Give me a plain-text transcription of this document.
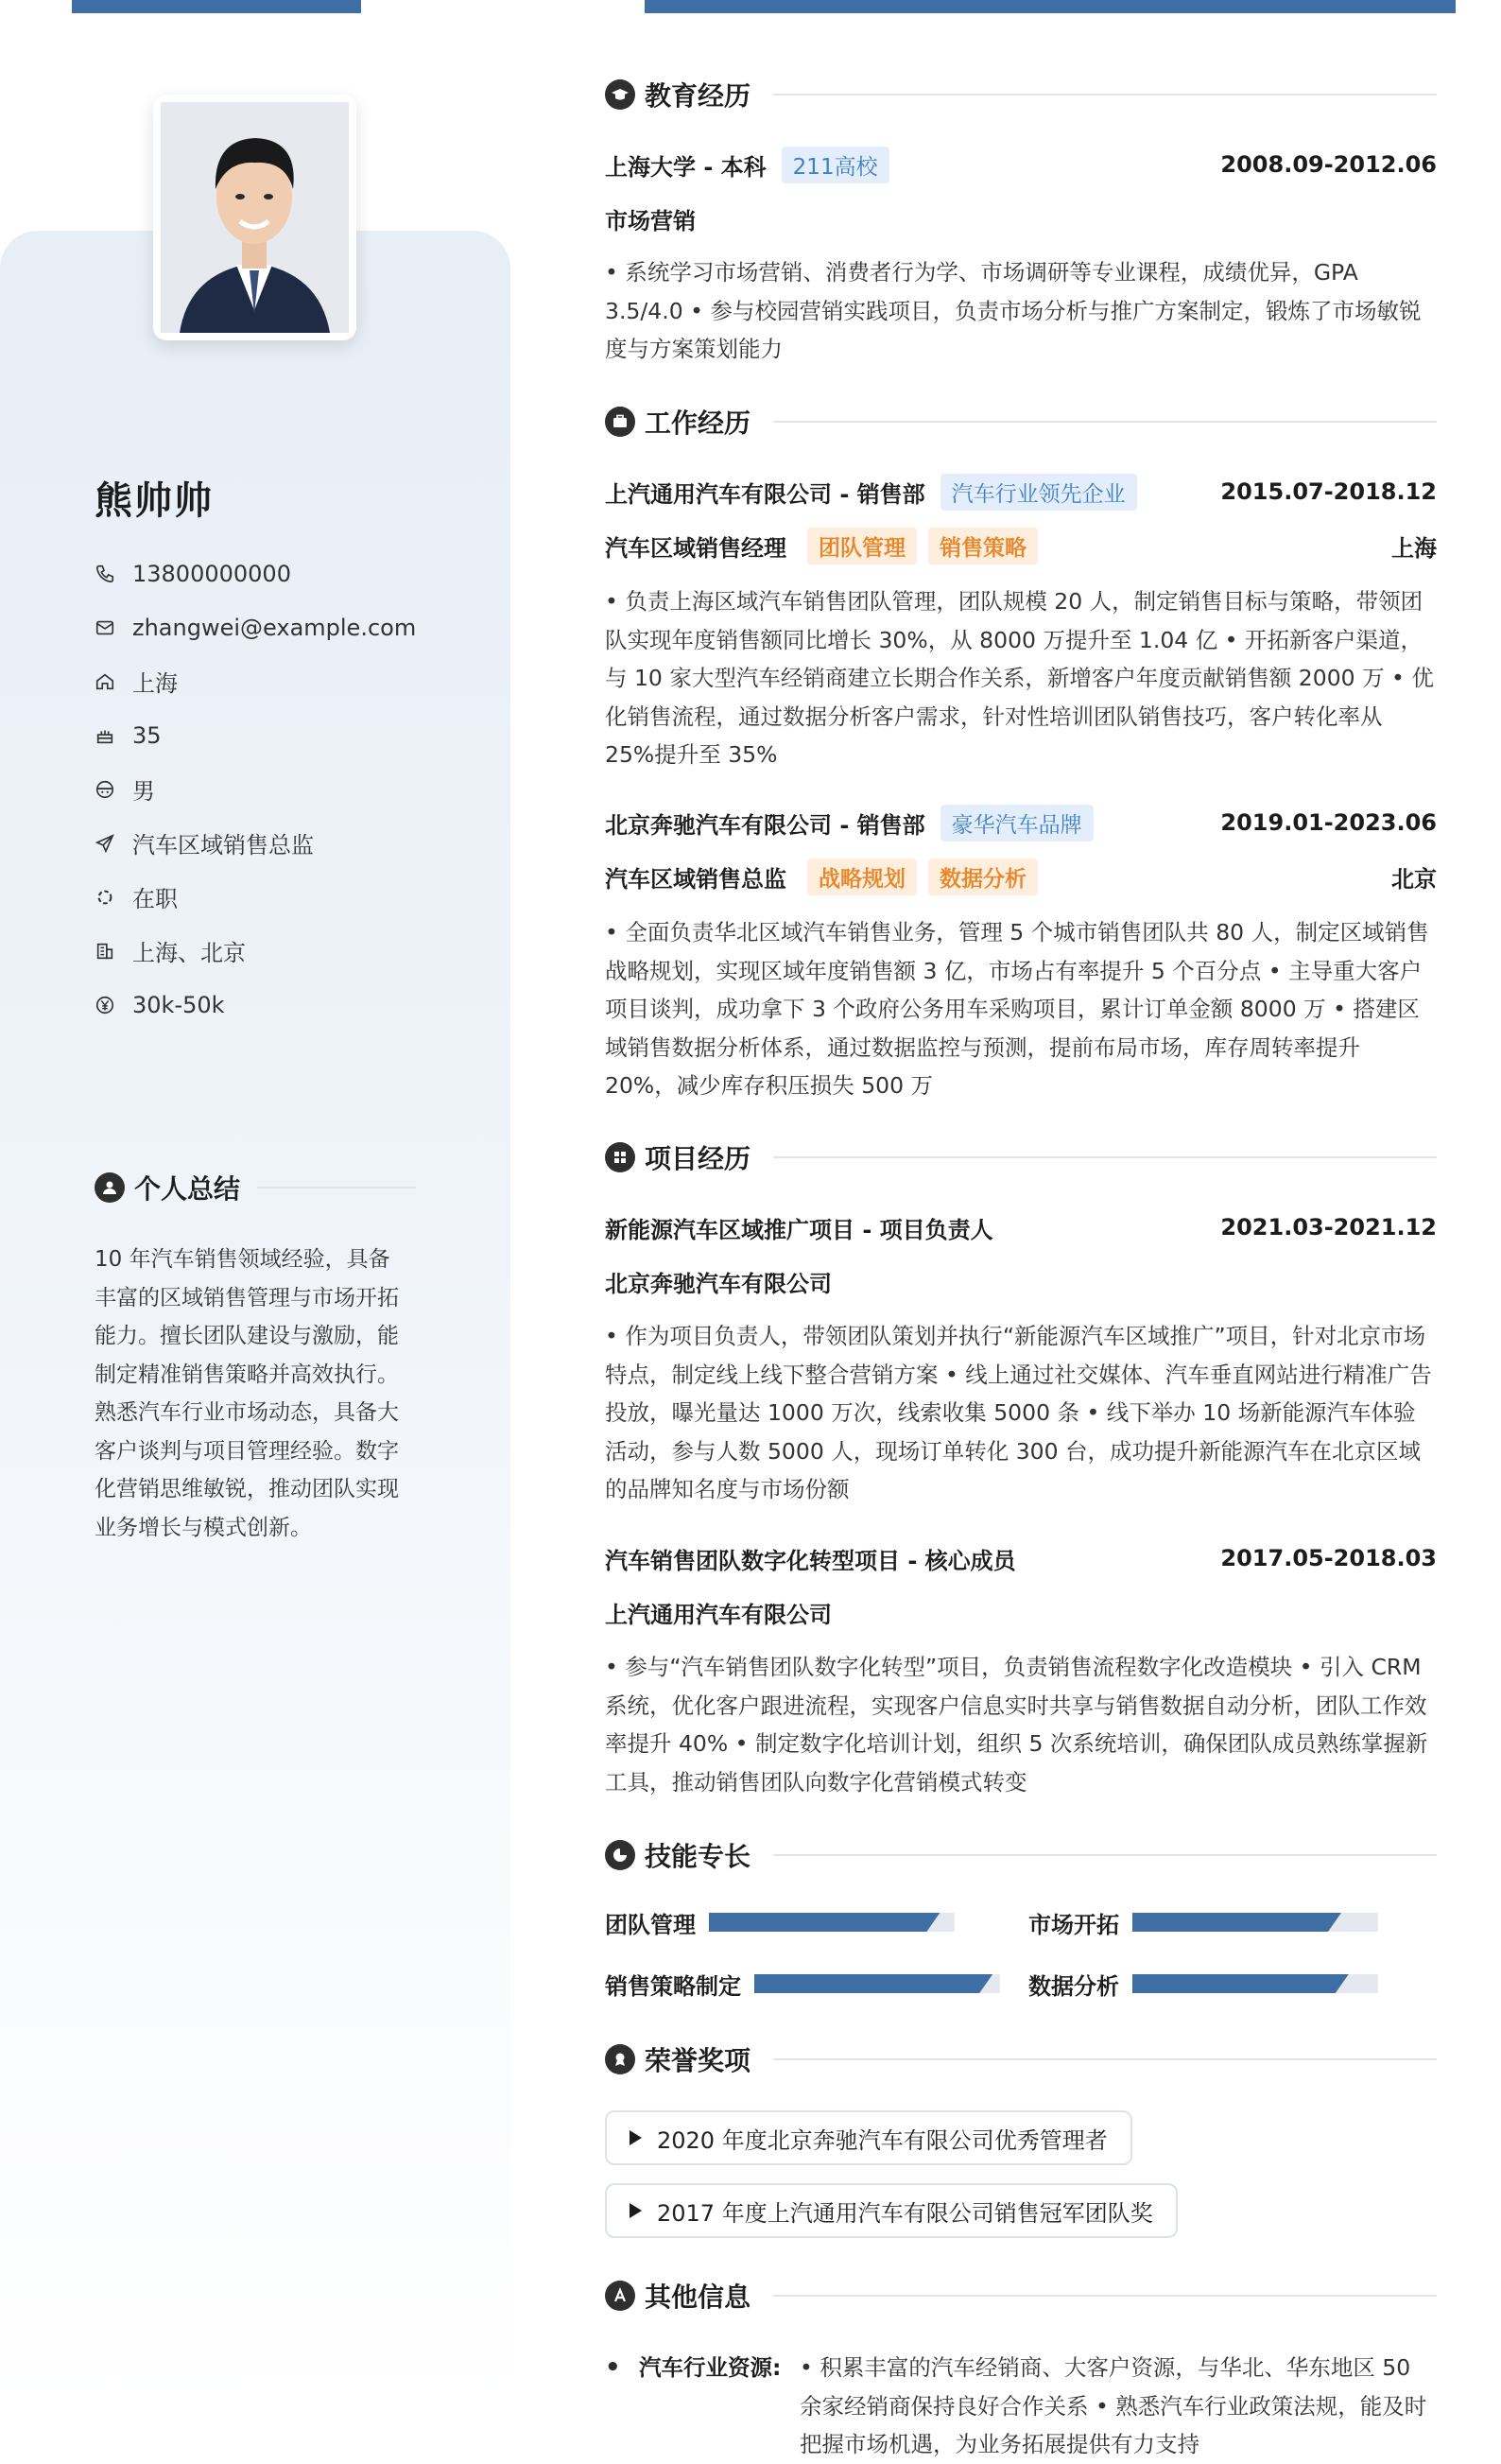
熊帅帅
13800000000
zhangwei@example.com
上海
35
男
汽车区域销售总监
在职
上海、北京
30k-50k
个人总结
10 年汽车销售领域经验，具备丰富的区域销售管理与市场开拓能力。擅长团队建设与激励，能制定精准销售策略并高效执行。熟悉汽车行业市场动态，具备大客户谈判与项目管理经验。数字化营销思维敏锐，推动团队实现业务增长与模式创新。
教育经历
上海大学 - 本科	211高校	2008.09-2012.06
市场营销
• 系统学习市场营销、消费者行为学、市场调研等专业课程，成绩优异，GPA 3.5/4.0 • 参与校园营销实践项目，负责市场分析与推广方案制定，锻炼了市场敏锐度与方案策划能力
工作经历
上汽通用汽车有限公司 - 销售部	汽车行业领先企业	2015.07-2018.12
汽车区域销售经理	团队管理	销售策略	上海
• 负责上海区域汽车销售团队管理，团队规模 20 人，制定销售目标与策略，带领团队实现年度销售额同比增长 30%，从 8000 万提升至 1.04 亿 • 开拓新客户渠道，与 10 家大型汽车经销商建立长期合作关系，新增客户年度贡献销售额 2000 万 • 优化销售流程，通过数据分析客户需求，针对性培训团队销售技巧，客户转化率从 25%提升至 35%
北京奔驰汽车有限公司 - 销售部	豪华汽车品牌	2019.01-2023.06
汽车区域销售总监	战略规划	数据分析	北京
• 全面负责华北区域汽车销售业务，管理 5 个城市销售团队共 80 人，制定区域销售战略规划，实现区域年度销售额 3 亿，市场占有率提升 5 个百分点 • 主导重大客户项目谈判，成功拿下 3 个政府公务用车采购项目，累计订单金额 8000 万 • 搭建区域销售数据分析体系，通过数据监控与预测，提前布局市场，库存周转率提升 20%，减少库存积压损失 500 万
项目经历
新能源汽车区域推广项目 - 项目负责人	2021.03-2021.12
北京奔驰汽车有限公司
• 作为项目负责人，带领团队策划并执行“新能源汽车区域推广”项目，针对北京市场特点，制定线上线下整合营销方案 • 线上通过社交媒体、汽车垂直网站进行精准广告投放，曝光量达 1000 万次，线索收集 5000 条 • 线下举办 10 场新能源汽车体验活动，参与人数 5000 人，现场订单转化 300 台，成功提升新能源汽车在北京区域的品牌知名度与市场份额
汽车销售团队数字化转型项目 - 核心成员	2017.05-2018.03
上汽通用汽车有限公司
• 参与“汽车销售团队数字化转型”项目，负责销售流程数字化改造模块 • 引入 CRM 系统，优化客户跟进流程，实现客户信息实时共享与销售数据自动分析，团队工作效率提升 40% • 制定数字化培训计划，组织 5 次系统培训，确保团队成员熟练掌握新工具，推动销售团队向数字化营销模式转变
技能专长
团队管理	市场开拓
销售策略制定	数据分析
荣誉奖项
2020 年度北京奔驰汽车有限公司优秀管理者
2017 年度上汽通用汽车有限公司销售冠军团队奖
其他信息
• 汽车行业资源: • 积累丰富的汽车经销商、大客户资源，与华北、华东地区 50 余家经销商保持良好合作关系 • 熟悉汽车行业政策法规，能及时把握市场机遇，为业务拓展提供有力支持
